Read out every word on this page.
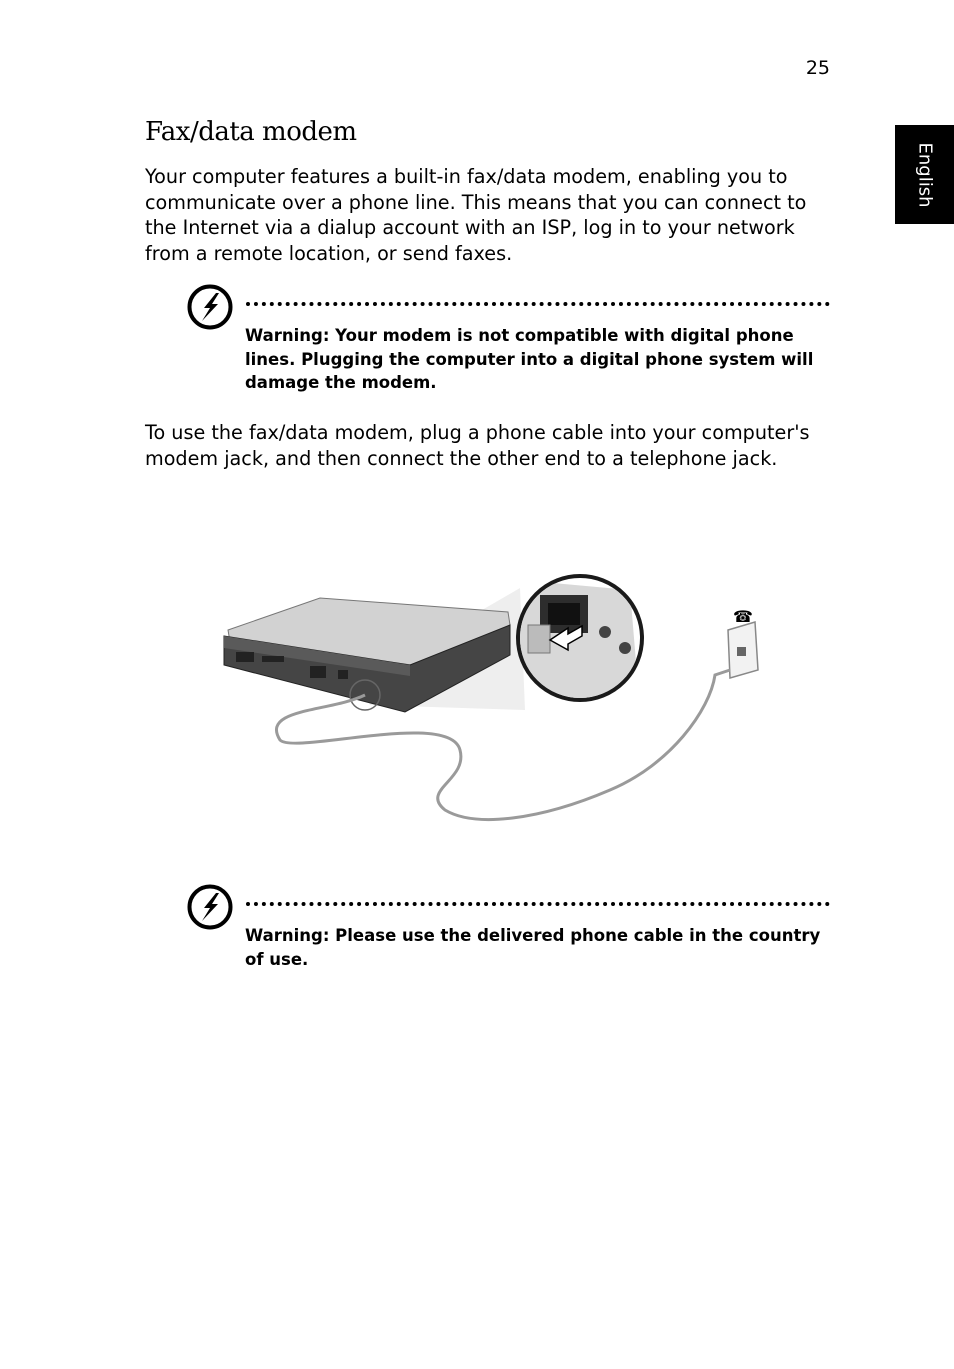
25
English
Fax/data modem

Your computer features a built-in fax/data modem, enabling you to communicate over a phone line. This means that you can connect to the Internet via a dialup account with an ISP, log in to your network from a remote location, or send faxes.

Warning: Your modem is not compatible with digital phone lines. Plugging the computer into a digital phone system will damage the modem.

To use the fax/data modem, plug a phone cable into your computer's modem jack, and then connect the other end to a telephone jack.

☎

Warning: Please use the delivered phone cable in the country of use.
